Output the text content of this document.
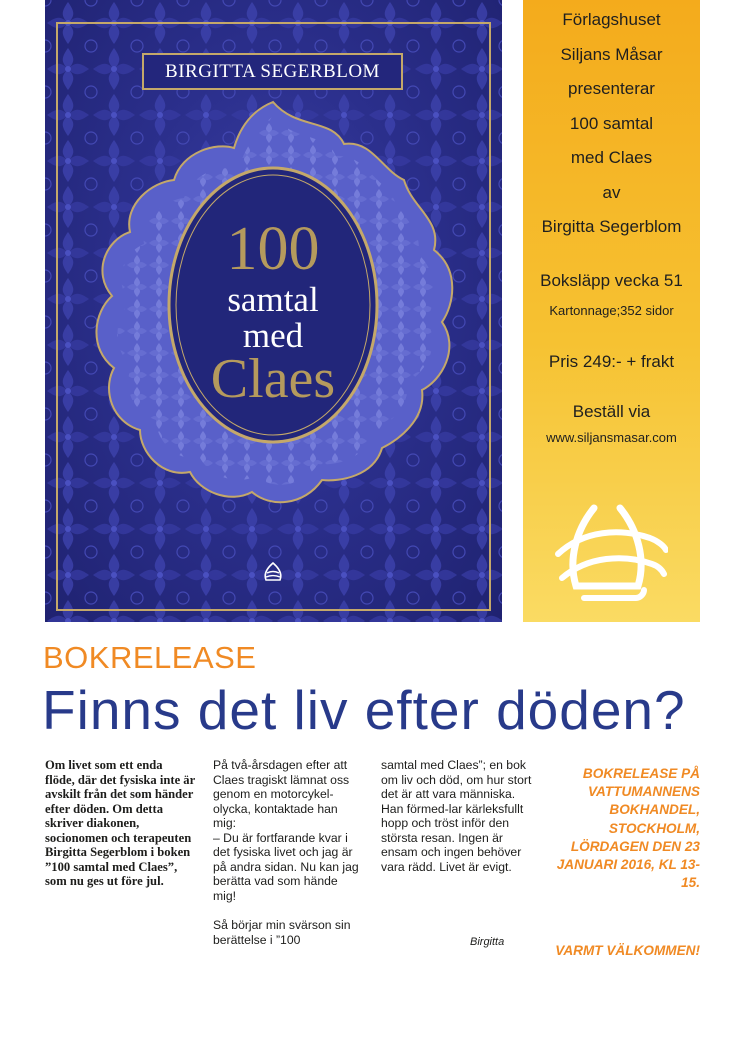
BIRGITTA SEGERBLOM
100
samtal
med
Claes
Förlagshuset
Siljans Måsar
presenterar
100 samtal
med Claes
av
Birgitta Segerblom
Boksläpp vecka 51
Kartonnage;352 sidor
Pris 249:- + frakt
Beställ via
www.siljansmasar.com
BOKRELEASE
Finns det liv efter döden?

Om livet som ett enda flöde, där det fysiska inte är avskilt från det som händer efter döden. Om detta skriver diakonen, socionomen och terapeuten Birgitta Segerblom i boken ”100 samtal med Claes”, som nu ges ut före jul.

På två-årsdagen efter att Claes tragiskt lämnat oss genom en motorcykel-olycka, kontaktade han mig:
– Du är fortfarande kvar i det fysiska livet och jag är på andra sidan. Nu kan jag berätta vad som hände mig!
Så börjar min svärson sin berättelse i ”100
samtal med Claes”; en bok om liv och död, om hur stort det är att vara människa. Han förmed-lar kärleksfullt hopp och tröst inför den största resan. Ingen är ensam och ingen behöver vara rädd. Livet är evigt.
Birgitta
BOKRELEASE PÅ VATTUMANNENS BOKHANDEL, STOCKHOLM, LÖRDAGEN DEN 23 JANUARI 2016, KL 13-15.
VARMT VÄLKOMMEN!
